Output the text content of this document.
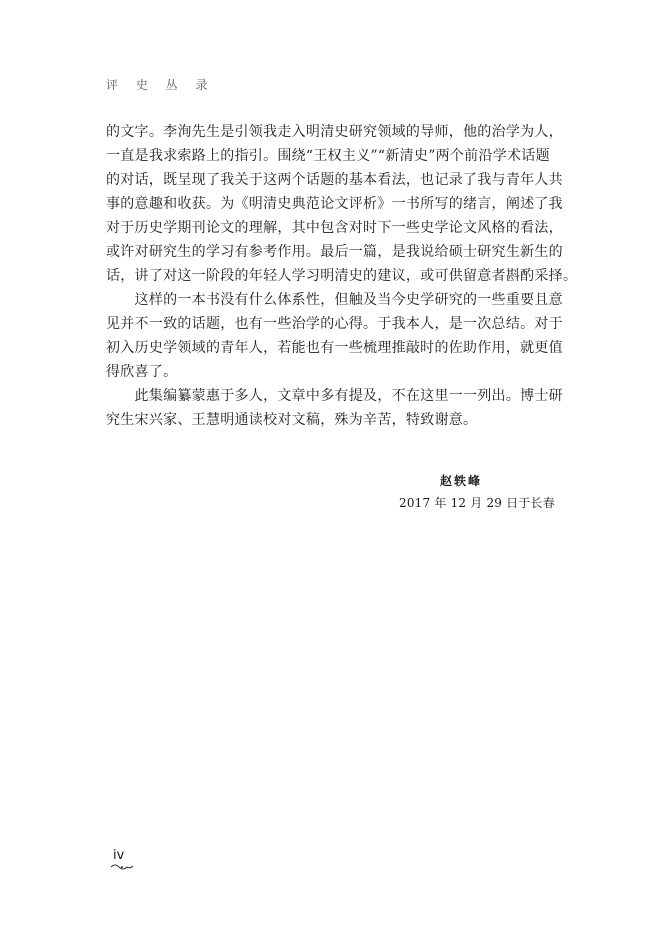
评 史 丛 录
的文字。李洵先生是引领我走入明清史研究领域的导师，他的治学为人，
一直是我求索路上的指引。围绕“王权主义”“新清史”两个前沿学术话题
的对话，既呈现了我关于这两个话题的基本看法，也记录了我与青年人共
事的意趣和收获。为《明清史典范论文评析》一书所写的绪言，阐述了我
对于历史学期刊论文的理解，其中包含对时下一些史学论文风格的看法，
或许对研究生的学习有参考作用。最后一篇，是我说给硕士研究生新生的
话，讲了对这一阶段的年轻人学习明清史的建议，或可供留意者斟酌采择。
　　这样的一本书没有什么体系性，但触及当今史学研究的一些重要且意
见并不一致的话题，也有一些治学的心得。于我本人，是一次总结。对于
初入历史学领域的青年人，若能也有一些梳理推敲时的佐助作用，就更值
得欣喜了。
　　此集编纂蒙惠于多人，文章中多有提及，不在这里一一列出。博士研
究生宋兴家、王慧明通读校对文稿，殊为辛苦，特致谢意。
赵轶峰
2017 年 12 月 29 日于长春
iv
